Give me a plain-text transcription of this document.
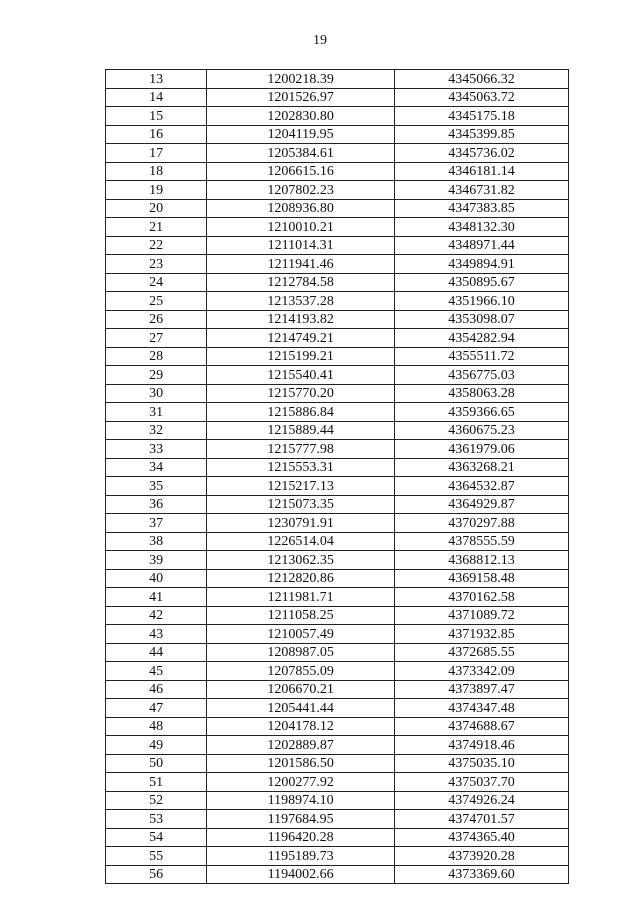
19
13	1200218.39	4345066.32
14	1201526.97	4345063.72
15	1202830.80	4345175.18
16	1204119.95	4345399.85
17	1205384.61	4345736.02
18	1206615.16	4346181.14
19	1207802.23	4346731.82
20	1208936.80	4347383.85
21	1210010.21	4348132.30
22	1211014.31	4348971.44
23	1211941.46	4349894.91
24	1212784.58	4350895.67
25	1213537.28	4351966.10
26	1214193.82	4353098.07
27	1214749.21	4354282.94
28	1215199.21	4355511.72
29	1215540.41	4356775.03
30	1215770.20	4358063.28
31	1215886.84	4359366.65
32	1215889.44	4360675.23
33	1215777.98	4361979.06
34	1215553.31	4363268.21
35	1215217.13	4364532.87
36	1215073.35	4364929.87
37	1230791.91	4370297.88
38	1226514.04	4378555.59
39	1213062.35	4368812.13
40	1212820.86	4369158.48
41	1211981.71	4370162.58
42	1211058.25	4371089.72
43	1210057.49	4371932.85
44	1208987.05	4372685.55
45	1207855.09	4373342.09
46	1206670.21	4373897.47
47	1205441.44	4374347.48
48	1204178.12	4374688.67
49	1202889.87	4374918.46
50	1201586.50	4375035.10
51	1200277.92	4375037.70
52	1198974.10	4374926.24
53	1197684.95	4374701.57
54	1196420.28	4374365.40
55	1195189.73	4373920.28
56	1194002.66	4373369.60
